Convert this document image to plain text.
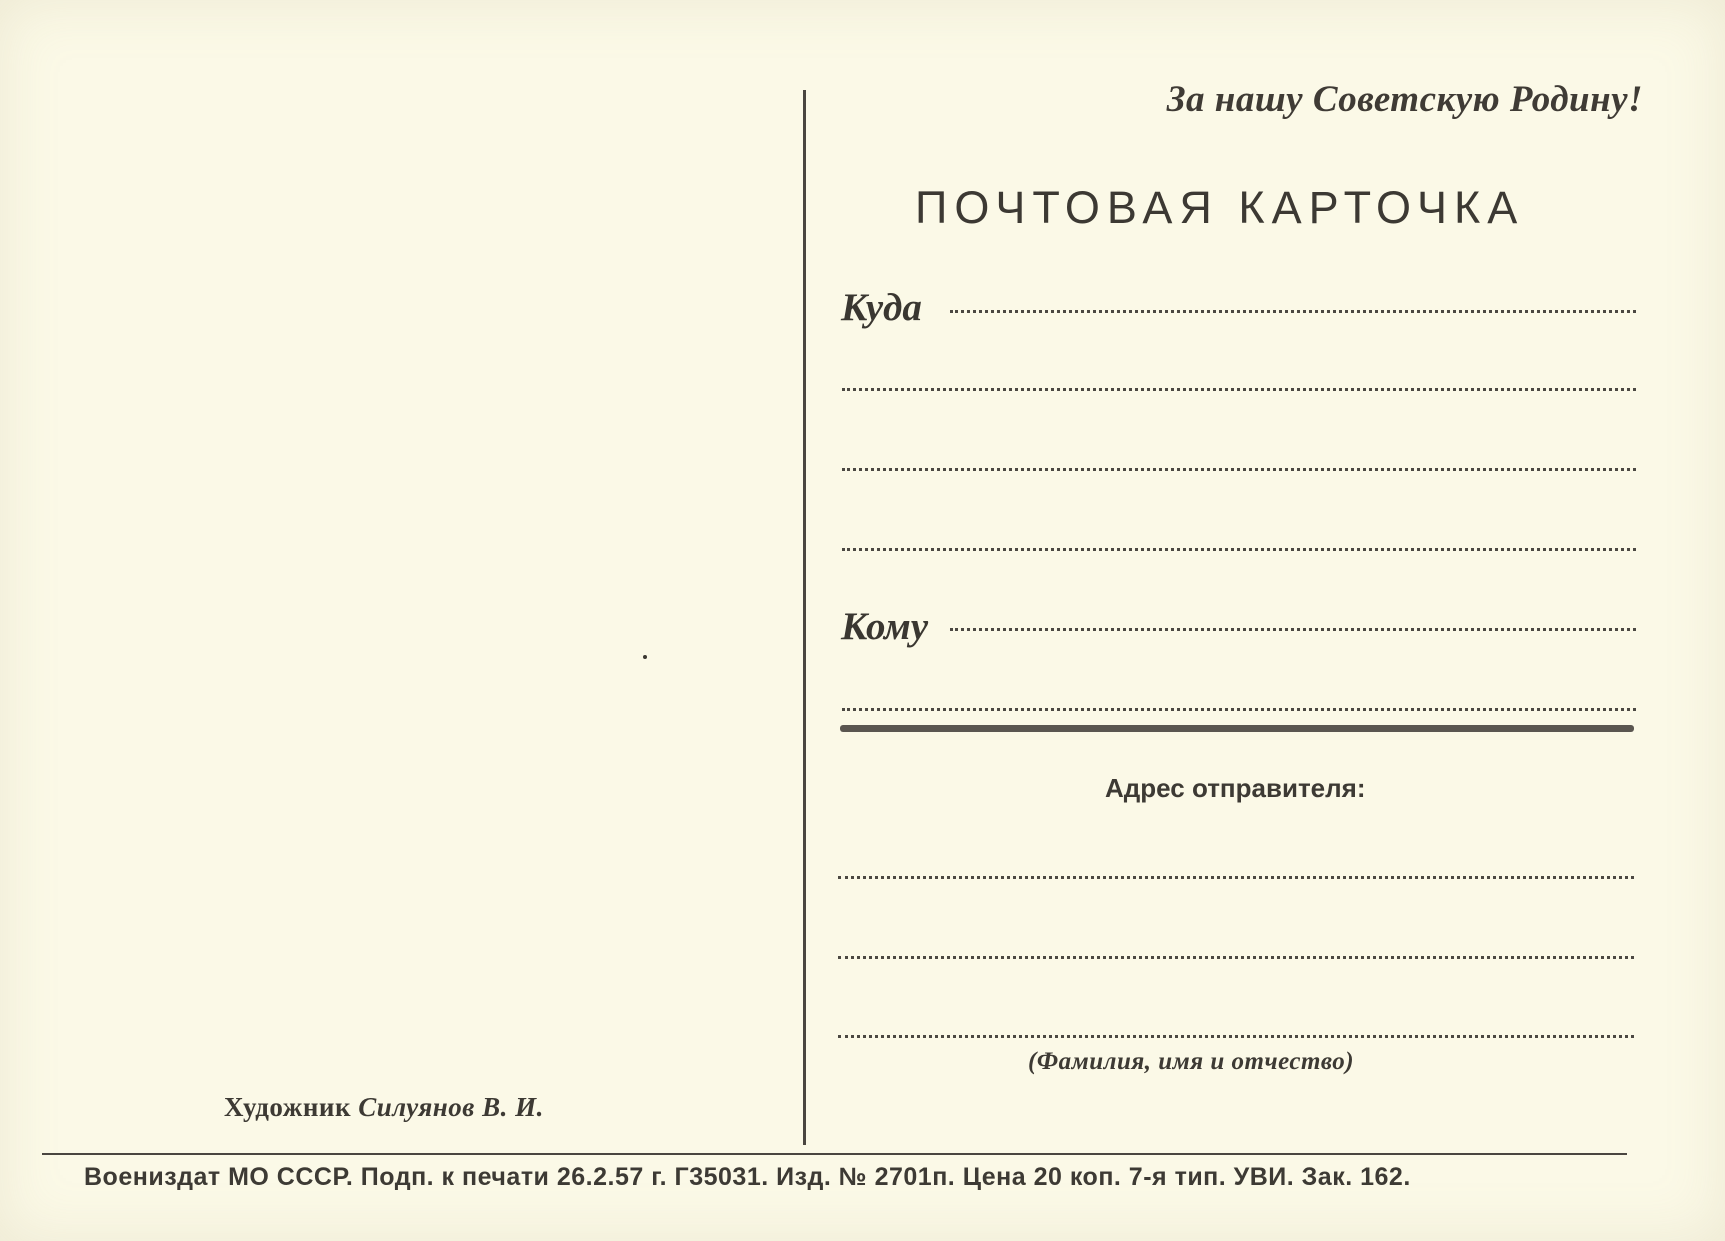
За нашу Советскую Родину!
ПОЧТОВАЯ КАРТОЧКА
Куда
Кому
Адрес отправителя:
(Фамилия, имя и отчество)
Художник Силуянов В. И.
Воениздат МО СССР. Подп. к печати 26.2.57 г. Г35031. Изд. № 2701п. Цена 20 коп. 7-я тип. УВИ. Зак. 162.
